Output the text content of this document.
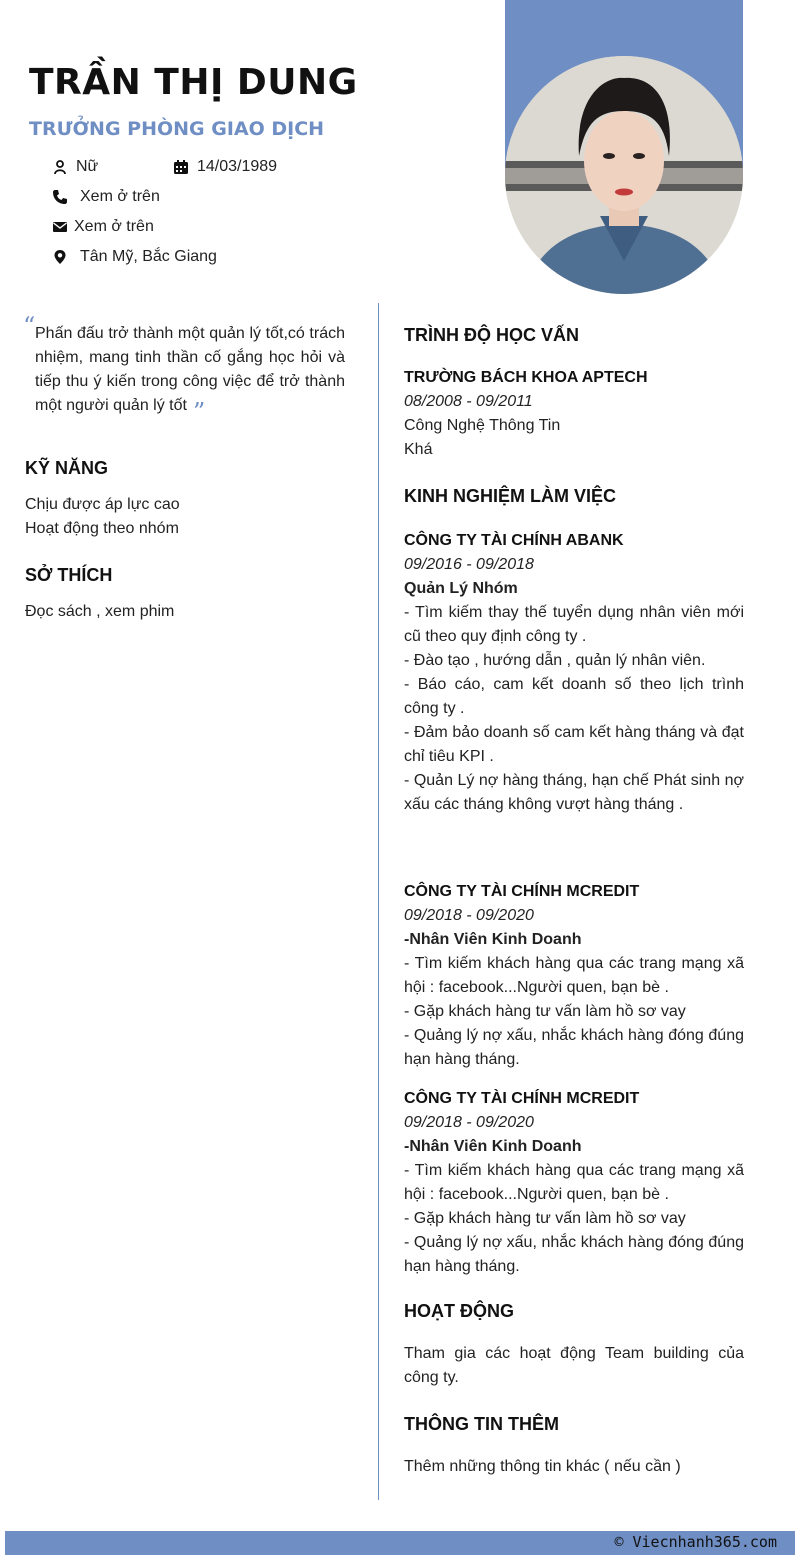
TRẦN THỊ DUNG
TRƯỞNG PHÒNG GIAO DỊCH
Nữ	14/03/1989
Xem ở trên
Xem ở trên
Tân Mỹ, Bắc Giang
“ Phấn đấu trở thành một quản lý tốt,có trách nhiệm, mang tinh thần cố gắng học hỏi và tiếp thu ý kiến trong công việc để trở thành một người quản lý tốt ”
KỸ NĂNG
Chịu được áp lực cao
Hoạt động theo nhóm
SỞ THÍCH
Đọc sách , xem phim
TRÌNH ĐỘ HỌC VẤN
TRƯỜNG BÁCH KHOA APTECH
08/2008 - 09/2011
Công Nghệ Thông Tin
Khá
KINH NGHIỆM LÀM VIỆC
CÔNG TY TÀI CHÍNH ABANK
09/2016 - 09/2018
Quản Lý Nhóm
- Tìm kiếm thay thế tuyển dụng nhân viên mới cũ theo quy định công ty .
- Đào tạo , hướng dẫn , quản lý nhân viên.
- Báo cáo, cam kết doanh số theo lịch trình công ty .
- Đảm bảo doanh số cam kết hàng tháng và đạt chỉ tiêu KPI .
- Quản Lý nợ hàng tháng, hạn chế Phát sinh nợ xấu các tháng không vượt hàng tháng .
CÔNG TY TÀI CHÍNH MCREDIT
09/2018 - 09/2020
-Nhân Viên Kinh Doanh
- Tìm kiếm khách hàng qua các trang mạng xã hội : facebook...Người quen, bạn bè .
- Gặp khách hàng tư vấn làm hồ sơ vay
- Quảng lý nợ xấu, nhắc khách hàng đóng đúng hạn hàng tháng.
CÔNG TY TÀI CHÍNH MCREDIT
09/2018 - 09/2020
-Nhân Viên Kinh Doanh
- Tìm kiếm khách hàng qua các trang mạng xã hội : facebook...Người quen, bạn bè .
- Gặp khách hàng tư vấn làm hồ sơ vay
- Quảng lý nợ xấu, nhắc khách hàng đóng đúng hạn hàng tháng.
HOẠT ĐỘNG
Tham gia các hoạt động Team building của công ty.
THÔNG TIN THÊM
Thêm những thông tin khác ( nếu cần )
© Viecnhanh365.com
